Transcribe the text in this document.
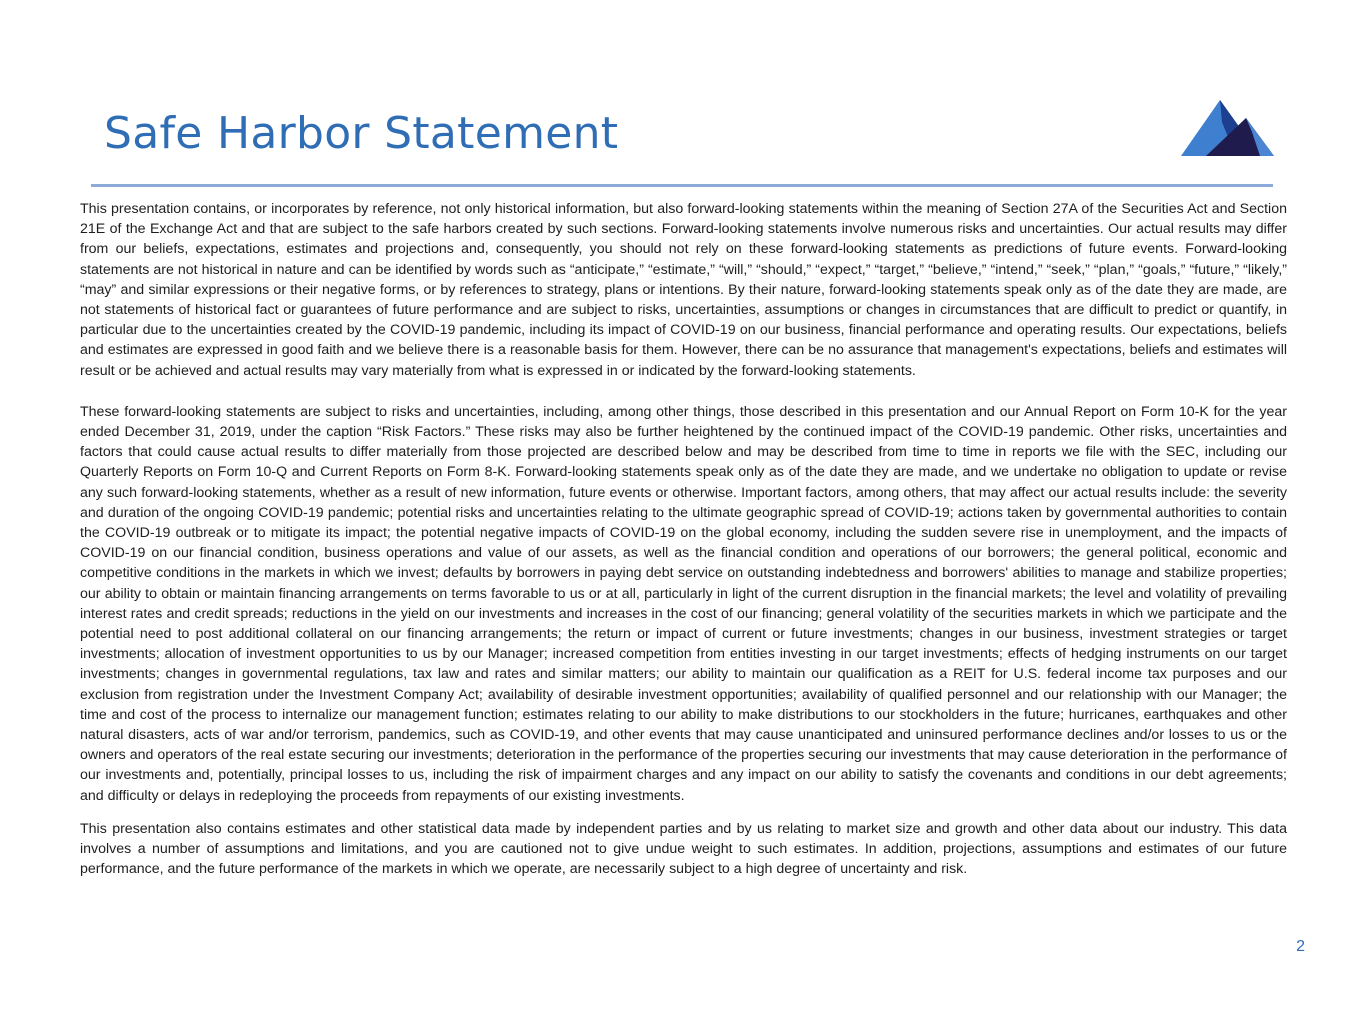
Safe Harbor Statement

This presentation contains, or incorporates by reference, not only historical information, but also forward-looking statements within the meaning of Section 27A of the Securities Act and Section 21E of the Exchange Act and that are subject to the safe harbors created by such sections. Forward-looking statements involve numerous risks and uncertainties. Our actual results may differ from our beliefs, expectations, estimates and projections and, consequently, you should not rely on these forward-looking statements as predictions of future events. Forward-looking statements are not historical in nature and can be identified by words such as “anticipate,” “estimate,” “will,” “should,” “expect,” “target,” “believe,” “intend,” “seek,” “plan,” “goals,” “future,” “likely,” “may” and similar expressions or their negative forms, or by references to strategy, plans or intentions. By their nature, forward-looking statements speak only as of the date they are made, are not statements of historical fact or guarantees of future performance and are subject to risks, uncertainties, assumptions or changes in circumstances that are difficult to predict or quantify, in particular due to the uncertainties created by the COVID-19 pandemic, including its impact of COVID-19 on our business, financial performance and operating results. Our expectations, beliefs and estimates are expressed in good faith and we believe there is a reasonable basis for them. However, there can be no assurance that management's expectations, beliefs and estimates will result or be achieved and actual results may vary materially from what is expressed in or indicated by the forward-looking statements.

These forward-looking statements are subject to risks and uncertainties, including, among other things, those described in this presentation and our Annual Report on Form 10-K for the year ended December 31, 2019, under the caption “Risk Factors.” These risks may also be further heightened by the continued impact of the COVID-19 pandemic. Other risks, uncertainties and factors that could cause actual results to differ materially from those projected are described below and may be described from time to time in reports we file with the SEC, including our Quarterly Reports on Form 10-Q and Current Reports on Form 8-K. Forward-looking statements speak only as of the date they are made, and we undertake no obligation to update or revise any such forward-looking statements, whether as a result of new information, future events or otherwise. Important factors, among others, that may affect our actual results include: the severity and duration of the ongoing COVID-19 pandemic; potential risks and uncertainties relating to the ultimate geographic spread of COVID-19; actions taken by governmental authorities to contain the COVID-19 outbreak or to mitigate its impact; the potential negative impacts of COVID-19 on the global economy, including the sudden severe rise in unemployment, and the impacts of COVID-19 on our financial condition, business operations and value of our assets, as well as the financial condition and operations of our borrowers; the general political, economic and competitive conditions in the markets in which we invest; defaults by borrowers in paying debt service on outstanding indebtedness and borrowers' abilities to manage and stabilize properties; our ability to obtain or maintain financing arrangements on terms favorable to us or at all, particularly in light of the current disruption in the financial markets; the level and volatility of prevailing interest rates and credit spreads; reductions in the yield on our investments and increases in the cost of our financing; general volatility of the securities markets in which we participate and the potential need to post additional collateral on our financing arrangements; the return or impact of current or future investments; changes in our business, investment strategies or target investments; allocation of investment opportunities to us by our Manager; increased competition from entities investing in our target investments; effects of hedging instruments on our target investments; changes in governmental regulations, tax law and rates and similar matters; our ability to maintain our qualification as a REIT for U.S. federal income tax purposes and our exclusion from registration under the Investment Company Act; availability of desirable investment opportunities; availability of qualified personnel and our relationship with our Manager; the time and cost of the process to internalize our management function; estimates relating to our ability to make distributions to our stockholders in the future; hurricanes, earthquakes and other natural disasters, acts of war and/or terrorism, pandemics, such as COVID-19, and other events that may cause unanticipated and uninsured performance declines and/or losses to us or the owners and operators of the real estate securing our investments; deterioration in the performance of the properties securing our investments that may cause deterioration in the performance of our investments and, potentially, principal losses to us, including the risk of impairment charges and any impact on our ability to satisfy the covenants and conditions in our debt agreements; and difficulty or delays in redeploying the proceeds from repayments of our existing investments.

This presentation also contains estimates and other statistical data made by independent parties and by us relating to market size and growth and other data about our industry. This data involves a number of assumptions and limitations, and you are cautioned not to give undue weight to such estimates. In addition, projections, assumptions and estimates of our future performance, and the future performance of the markets in which we operate, are necessarily subject to a high degree of uncertainty and risk.

2
